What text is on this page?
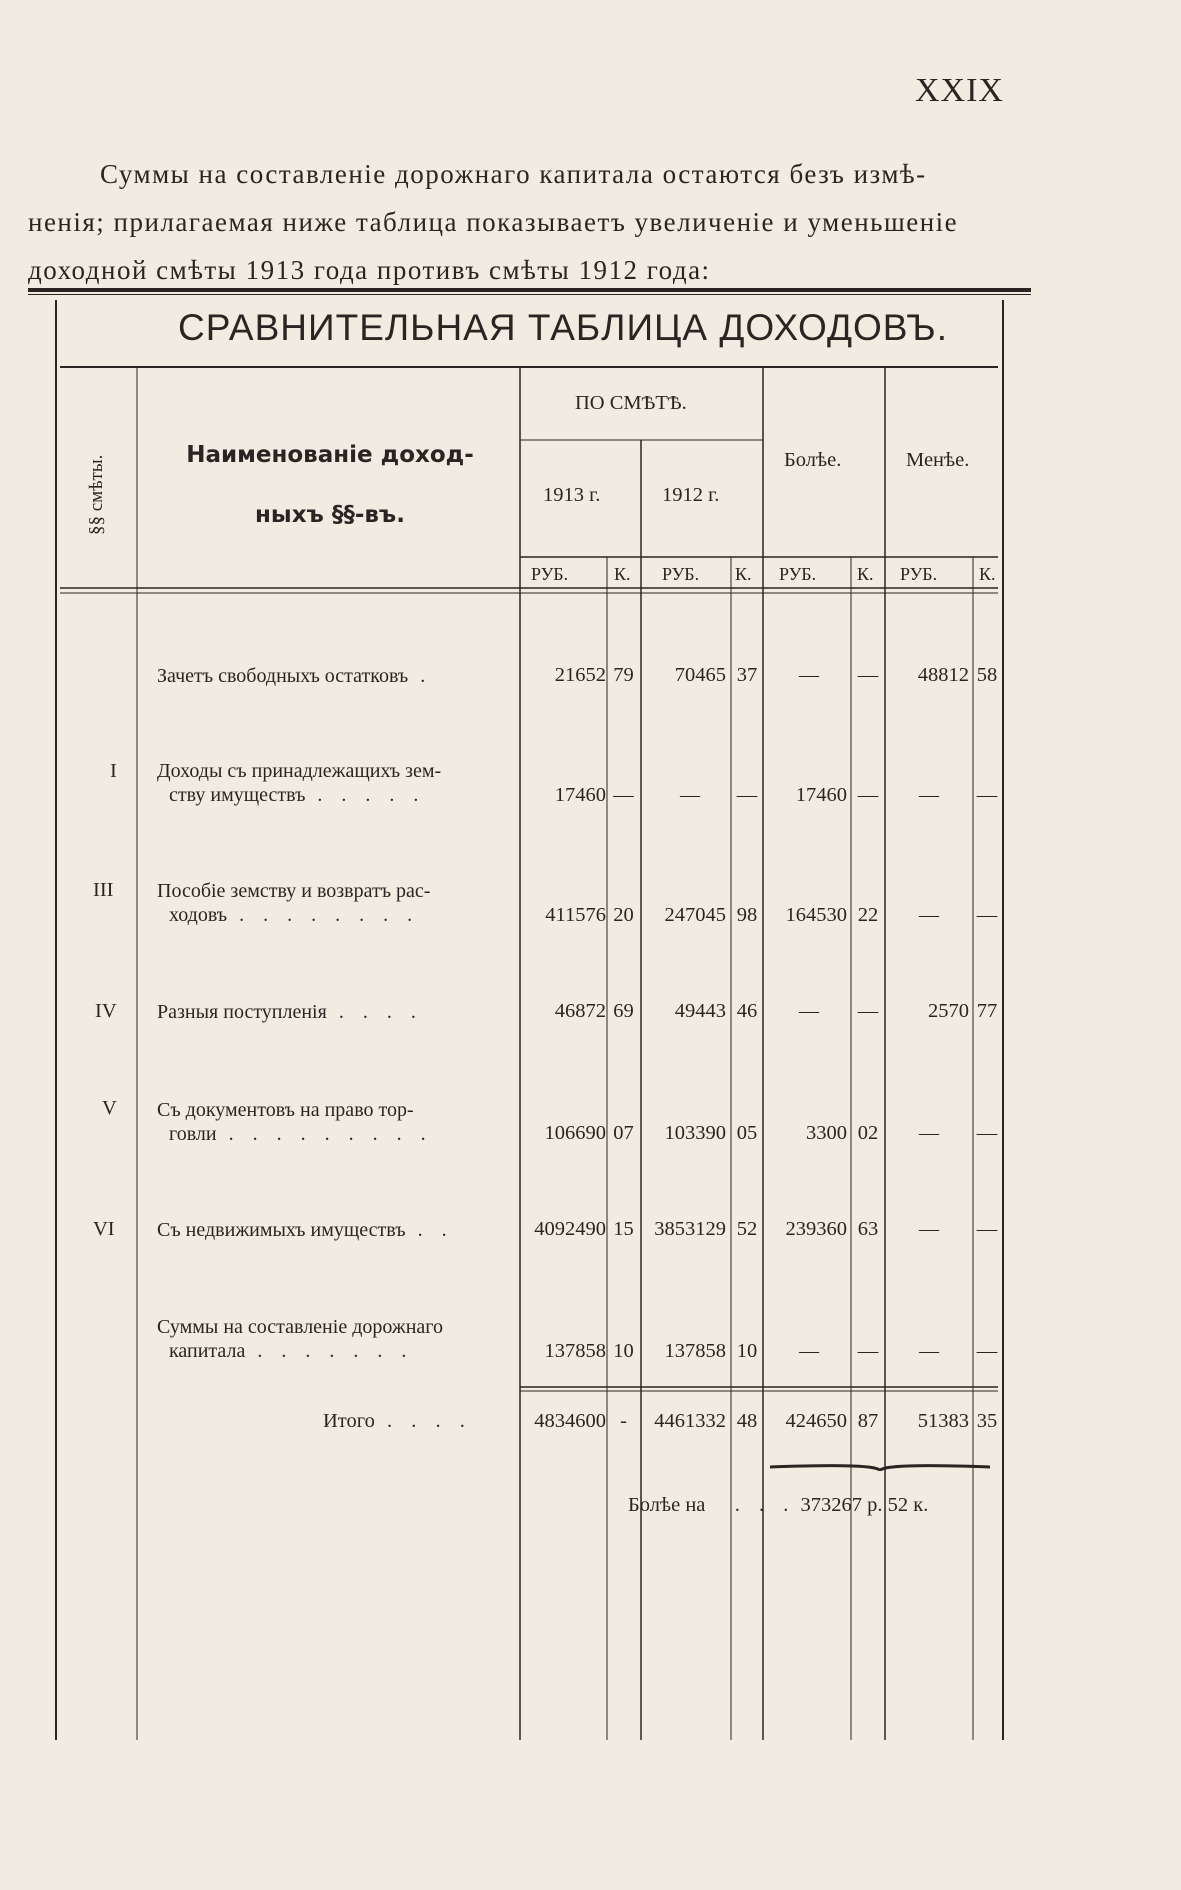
XXIX
Суммы на составленіе дорожнаго капитала остаются безъ измѣ-
ненія; прилагаемая ниже таблица показываетъ увеличеніе и уменьшеніе
доходной смѣты 1913 года противъ смѣты 1912 года:
СРАВНИТЕЛЬНАЯ ТАБЛИЦА ДОХОДОВЪ.
§§ смѣты.	Наименованіе доход-
ныхъ §§-въ.
ПО СМѢТѢ.
1913 г.	1912 г.
Болѣе.	Менѣе.
РУБ.	К. РУБ. К. РУБ. К. РУБ. К.
Зачетъ свободныхъ остатковъ .	21652 79	70465 37	—	—	48812 58
I Доходы съ принадлежащихъ зем-
ству имуществъ . . . . .	17460 —	—	—	17460 —	—	—
III Пособіе земству и возвратъ рас-
ходовъ . . . . . . . .	411576 20	247045 98	164530 22	—	—
IV Разныя поступленія . . . .	46872 69	49443 46	—	—	2570 77
V Съ документовъ на право тор-
говли . . . . . . . . .	106690 07	103390 05	3300 02	—	—
VI Съ недвижимыхъ имуществъ . .	4092490 15	3853129 52	239360 63	—	—
Суммы на составленіе дорожнаго
капитала . . . . . . .	137858 10	137858 10	—	—	—	—
Итого . . . .	4834600 -	4461332 48	424650 87	51383 35
Болѣе на   . . . 373267 р. 52 к.
